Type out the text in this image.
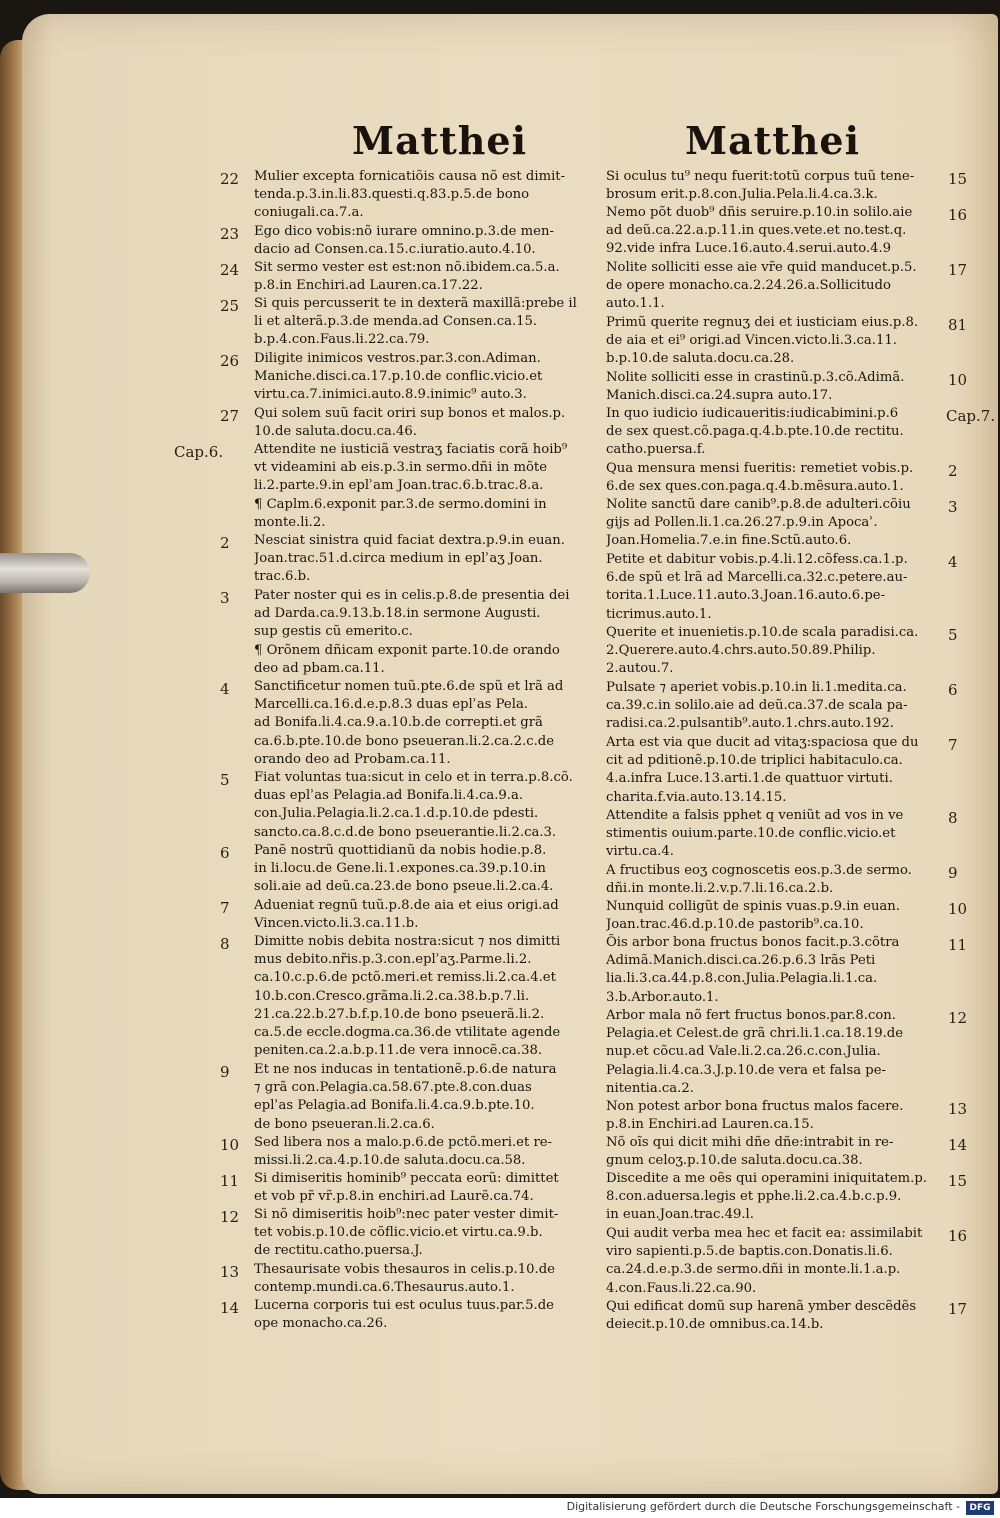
Matthei	Matthei
Mulier excepta fornicatiõis causa nõ est dimit-
tenda.p.3.in.li.83.questi.q.83.p.5.de bono
coniugali.ca.7.a.
22
Ego dico vobis:nõ iurare omnino.p.3.de men-
dacio ad Consen.ca.15.c.iuratio.auto.4.10.
23
Sit sermo vester est est:non nõ.ibidem.ca.5.a.
p.8.in Enchiri.ad Lauren.ca.17.22.
24
Si quis percusserit te in dexterã maxillã:prebe il
li et alterã.p.3.de menda.ad Consen.ca.15.
b.p.4.con.Faus.li.22.ca.79.
25
Diligite inimicos vestros.par.3.con.Adiman.
Maniche.disci.ca.17.p.10.de conflic.vicio.et
virtu.ca.7.inimici.auto.8.9.inimic⁹ auto.3.
26
Qui solem suũ facit oriri sup bonos et malos.p.
10.de saluta.docu.ca.46.
27
Attendite ne iusticiã vestraʒ faciatis corã hoib⁹
vt videamini ab eis.p.3.in sermo.dñi in mõte
li.2.parte.9.in eplʾam Joan.trac.6.b.trac.8.a.
Cap.6.
¶ Caplm.6.exponit par.3.de sermo.domini in
monte.li.2.
Nesciat sinistra quid faciat dextra.p.9.in euan.
Joan.trac.51.d.circa medium in eplʾaʒ Joan.
trac.6.b.
2
Pater noster qui es in celis.p.8.de presentia dei
ad Darda.ca.9.13.b.18.in sermone Augusti.
sup gestis cũ emerito.c.
3
¶ Orõnem dñicam exponit parte.10.de orando
deo ad pbam.ca.11.
Sanctificetur nomen tuũ.pte.6.de spũ et lrã ad
Marcelli.ca.16.d.e.p.8.3 duas eplʾas Pela.
ad Bonifa.li.4.ca.9.a.10.b.de correpti.et grã
ca.6.b.pte.10.de bono pseueran.li.2.ca.2.c.de
orando deo ad Probam.ca.11.
4
Fiat voluntas tua:sicut in celo et in terra.p.8.cõ.
duas eplʾas Pelagia.ad Bonifa.li.4.ca.9.a.
con.Julia.Pelagia.li.2.ca.1.d.p.10.de pdesti.
sancto.ca.8.c.d.de bono pseuerantie.li.2.ca.3.
5
Panẽ nostrũ quottidianũ da nobis hodie.p.8.
in li.locu.de Gene.li.1.expones.ca.39.p.10.in
soli.aie ad deũ.ca.23.de bono pseue.li.2.ca.4.
6
Adueniat regnũ tuũ.p.8.de aia et eius origi.ad
Vincen.victo.li.3.ca.11.b.
7
Dimitte nobis debita nostra:sicut ⁊ nos dimitti
mus debito.nr̃is.p.3.con.eplʾaʒ.Parme.li.2.
ca.10.c.p.6.de pctõ.meri.et remiss.li.2.ca.4.et
10.b.con.Cresco.grãma.li.2.ca.38.b.p.7.li.
21.ca.22.b.27.b.f.p.10.de bono pseuerã.li.2.
ca.5.de eccle.dogma.ca.36.de vtilitate agende
peniten.ca.2.a.b.p.11.de vera innocẽ.ca.38.
8
Et ne nos inducas in tentationẽ.p.6.de natura
⁊ grã con.Pelagia.ca.58.67.pte.8.con.duas
eplʾas Pelagia.ad Bonifa.li.4.ca.9.b.pte.10.
de bono pseueran.li.2.ca.6.
9
Sed libera nos a malo.p.6.de pctõ.meri.et re-
missi.li.2.ca.4.p.10.de saluta.docu.ca.58.
10
Si dimiseritis hominib⁹ peccata eorũ: dimittet
et vob pr̃ vr̃.p.8.in enchiri.ad Laurẽ.ca.74.
11
Si nõ dimiseritis hoib⁹:nec pater vester dimit-
tet vobis.p.10.de cõflic.vicio.et virtu.ca.9.b.
de rectitu.catho.puersa.J.
12
Thesaurisate vobis thesauros in celis.p.10.de
contemp.mundi.ca.6.Thesaurus.auto.1.
13
Lucerna corporis tui est oculus tuus.par.5.de
ope monacho.ca.26.
14
Si oculus tu⁹ nequ fuerit:totũ corpus tuũ tene-
brosum erit.p.8.con.Julia.Pela.li.4.ca.3.k.
15
Nemo põt duob⁹ dñis seruire.p.10.in solilo.aie
ad deũ.ca.22.a.p.11.in ques.vete.et no.test.q.
92.vide infra Luce.16.auto.4.serui.auto.4.9
16
Nolite solliciti esse aie vr̃e quid manducet.p.5.
de opere monacho.ca.2.24.26.a.Sollicitudo
auto.1.1.
17
Primũ querite regnuʒ dei et iusticiam eius.p.8.
de aia et ei⁹ origi.ad Vincen.victo.li.3.ca.11.
b.p.10.de saluta.docu.ca.28.
81
Nolite solliciti esse in crastinũ.p.3.cõ.Adimã.
Manich.disci.ca.24.supra auto.17.
10
In quo iudicio iudicaueritis:iudicabimini.p.6
de sex quest.cõ.paga.q.4.b.pte.10.de rectitu.
catho.puersa.f.
Cap.7.
Qua mensura mensi fueritis: remetiet vobis.p.
6.de sex ques.con.paga.q.4.b.mẽsura.auto.1.
2
Nolite sanctũ dare canib⁹.p.8.de adulteri.cõiu
gijs ad Pollen.li.1.ca.26.27.p.9.in Apocaʾ.
Joan.Homelia.7.e.in fine.Sctũ.auto.6.
3
Petite et dabitur vobis.p.4.li.12.cõfess.ca.1.p.
6.de spũ et lrã ad Marcelli.ca.32.c.petere.au-
torita.1.Luce.11.auto.3.Joan.16.auto.6.pe-
ticrimus.auto.1.
4
Querite et inuenietis.p.10.de scala paradisi.ca.
2.Querere.auto.4.chrs.auto.50.89.Philip.
2.autou.7.
5
Pulsate ⁊ aperiet vobis.p.10.in li.1.medita.ca.
ca.39.c.in solilo.aie ad deũ.ca.37.de scala pa-
radisi.ca.2.pulsantib⁹.auto.1.chrs.auto.192.
6
Arta est via que ducit ad vitaʒ:spaciosa que du
cit ad pditionẽ.p.10.de triplici habitaculo.ca.
4.a.infra Luce.13.arti.1.de quattuor virtuti.
charita.f.via.auto.13.14.15.
7
Attendite a falsis pphet q veniũt ad vos in ve
stimentis ouium.parte.10.de conflic.vicio.et
virtu.ca.4.
8
A fructibus eoʒ cognoscetis eos.p.3.de sermo.
dñi.in monte.li.2.v.p.7.li.16.ca.2.b.
9
Nunquid colligũt de spinis vuas.p.9.in euan.
Joan.trac.46.d.p.10.de pastorib⁹.ca.10.
10
Õis arbor bona fructus bonos facit.p.3.cõtra
Adimã.Manich.disci.ca.26.p.6.3 lrãs Peti
lia.li.3.ca.44.p.8.con.Julia.Pelagia.li.1.ca.
3.b.Arbor.auto.1.
11
Arbor mala nõ fert fructus bonos.par.8.con.
Pelagia.et Celest.de grã chri.li.1.ca.18.19.de
nup.et cõcu.ad Vale.li.2.ca.26.c.con.Julia.
Pelagia.li.4.ca.3.J.p.10.de vera et falsa pe-
nitentia.ca.2.
12
Non potest arbor bona fructus malos facere.
p.8.in Enchiri.ad Lauren.ca.15.
13
Nõ oĩs qui dicit mihi dñe dñe:intrabit in re-
gnum celoʒ.p.10.de saluta.docu.ca.38.
14
Discedite a me oẽs qui operamini iniquitatem.p.
8.con.aduersa.legis et pphe.li.2.ca.4.b.c.p.9.
in euan.Joan.trac.49.l.
15
Qui audit verba mea hec et facit ea: assimilabit
viro sapienti.p.5.de baptis.con.Donatis.li.6.
ca.24.d.e.p.3.de sermo.dñi in monte.li.1.a.p.
4.con.Faus.li.22.ca.90.
16
Qui edificat domũ sup harenã ymber descẽdẽs
deiecit.p.10.de omnibus.ca.14.b.
17
Digitalisierung gefördert durch die Deutsche Forschungsgemeinschaft -	DFG
